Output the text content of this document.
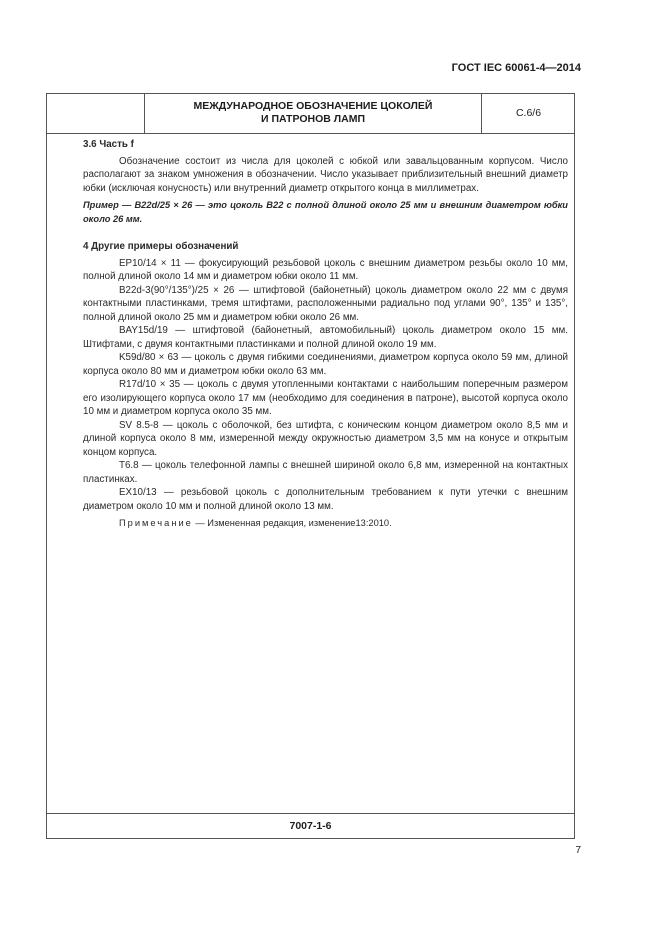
ГОСТ IEC 60061-4—2014
МЕЖДУНАРОДНОЕ ОБОЗНАЧЕНИЕ ЦОКОЛЕЙ
И ПАТРОНОВ ЛАМП	С.6/6

3.6 Часть f

Обозначение состоит из числа для цоколей с юбкой или завальцованным корпусом. Число располагают за знаком умножения в обозначении. Число указывает приблизительный внешний диаметр юбки (исключая конусность) или внутренний диаметр открытого конца в миллиметрах.

Пример — B22d/25 × 26 — это цоколь B22 с полной длиной около 25 мм и внешним диаметром юбки около 26 мм.

4 Другие примеры обозначений

EP10/14 × 11 — фокусирующий резьбовой цоколь с внешним диаметром резьбы около 10 мм, полной длиной около 14 мм и диаметром юбки около 11 мм.

B22d-3(90°/135°)/25 × 26 — штифтовой (байонетный) цоколь диаметром около 22 мм с двумя контактными пластинками, тремя штифтами, расположенными радиально под углами 90°, 135° и 135°, полной длиной около 25 мм и диаметром юбки около 26 мм.

BAY15d/19 — штифтовой (байонетный, автомобильный) цоколь диаметром около 15 мм. Штифтами, с двумя контактными пластинками и полной длиной около 19 мм.

K59d/80 × 63 — цоколь с двумя гибкими соединениями, диаметром корпуса около 59 мм, длиной корпуса около 80 мм и диаметром юбки около 63 мм.

R17d/10 × 35 — цоколь с двумя утопленными контактами с наибольшим поперечным размером его изолирующего корпуса около 17 мм (необходимо для соединения в патроне), высотой корпуса около 10 мм и диаметром корпуса около 35 мм.

SV 8.5-8 — цоколь с оболочкой, без штифта, с коническим концом диаметром около 8,5 мм и длиной корпуса около 8 мм, измеренной между окружностью диаметром 3,5 мм на конусе и открытым концом корпуса.

T6.8 — цоколь телефонной лампы с внешней шириной около 6,8 мм, измеренной на контактных пластинках.

EX10/13 — резьбовой цоколь с дополнительным требованием к пути утечки с внешним диаметром около 10 мм и полной длиной около 13 мм.

Примечание — Измененная редакция, изменение13:2010.

7007-1-6
7
